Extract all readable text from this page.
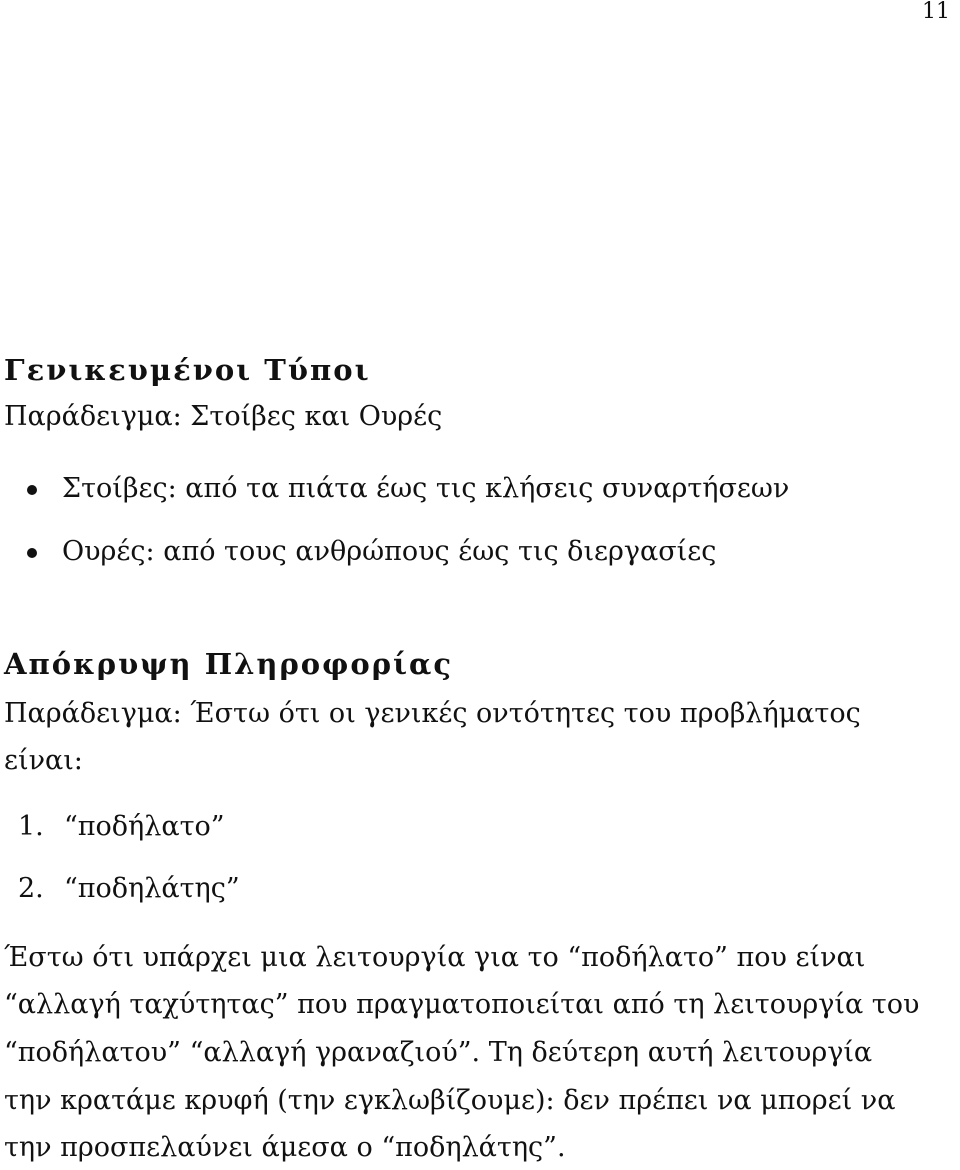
11
Γενικευμένοι Τύποι
Παράδειγμα: Στοίβες και Ουρές
Στοίβες: από τα πιάτα έως τις κλήσεις συναρτήσεων
Ουρές: από τους ανθρώπους έως τις διεργασίες
Απόκρυψη Πληροφορίας
Παράδειγμα: Έστω ότι οι γενικές οντότητες του προβλήματος
είναι:
1. “ποδήλατο”
2. “ποδηλάτης”
Έστω ότι υπάρχει μια λειτουργία για το “ποδήλατο” που είναι
“αλλαγή ταχύτητας” που πραγματοποιείται από τη λειτουργία του
“ποδήλατου” “αλλαγή γραναζιού”. Τη δεύτερη αυτή λειτουργία
την κρατάμε κρυφή (την εγκλωβίζουμε): δεν πρέπει να μπορεί να
την προσπελαύνει άμεσα ο “ποδηλάτης”.
